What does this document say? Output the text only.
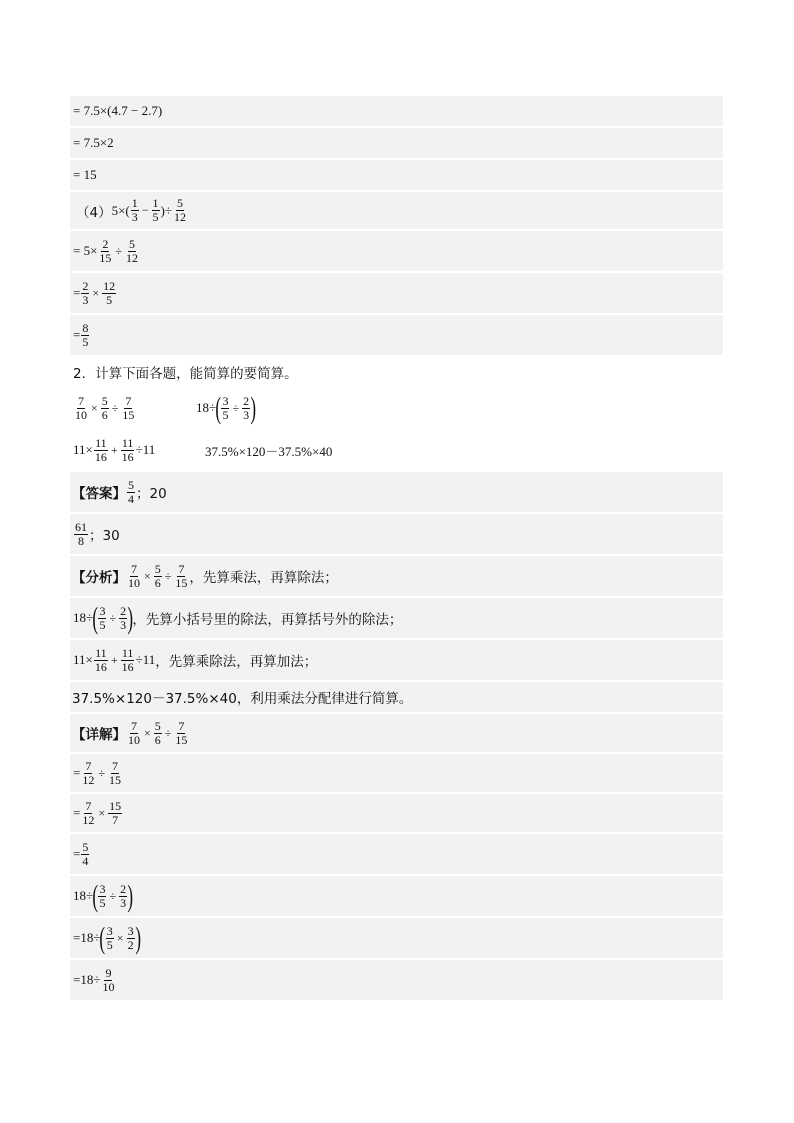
= 7.5×(4.7 − 2.7)
= 7.5×2
= 15
（4） $5\times( \frac{1}{3} - \frac{1}{5}$ )÷ $\frac{5}{12}$
= $5\times \frac{2}{15} \div \frac{5}{12}$
= $\frac{2}{3} \times \frac{12}{5}$
= $\frac{8}{5}$
2．计算下面各题，能简算的要简算。
$\frac{7}{10} \times \frac{5}{6} \div \frac{7}{15}$	18÷ ( $\frac{3}{5} \div \frac{2}{3}$ )
$11\times \frac{11}{16} + \frac{11}{16} \div 11$	37.5%×120－37.5%×40
【答案】 $\frac{5}{4}$ ；20
$\frac{61}{8}$ ；30
【分析】 $\frac{7}{10} \times \frac{5}{6} \div \frac{7}{15}$ ，先算乘法，再算除法；
18÷ ( $\frac{3}{5} \div \frac{2}{3}$ ) ，先算小括号里的除法，再算括号外的除法；
$11\times \frac{11}{16} + \frac{11}{16} \div 11$ ，先算乘除法，再算加法；
37.5%×120－37.5%×40，利用乘法分配律进行简算。
【详解】 $\frac{7}{10} \times \frac{5}{6} \div \frac{7}{15}$
= $\frac{7}{12} \div \frac{7}{15}$
= $\frac{7}{12} \times \frac{15}{7}$
= $\frac{5}{4}$
18÷ ( $\frac{3}{5} \div \frac{2}{3}$ )
=18÷ ( $\frac{3}{5} \times \frac{3}{2}$ )
$=18\div \frac{9}{10}$
